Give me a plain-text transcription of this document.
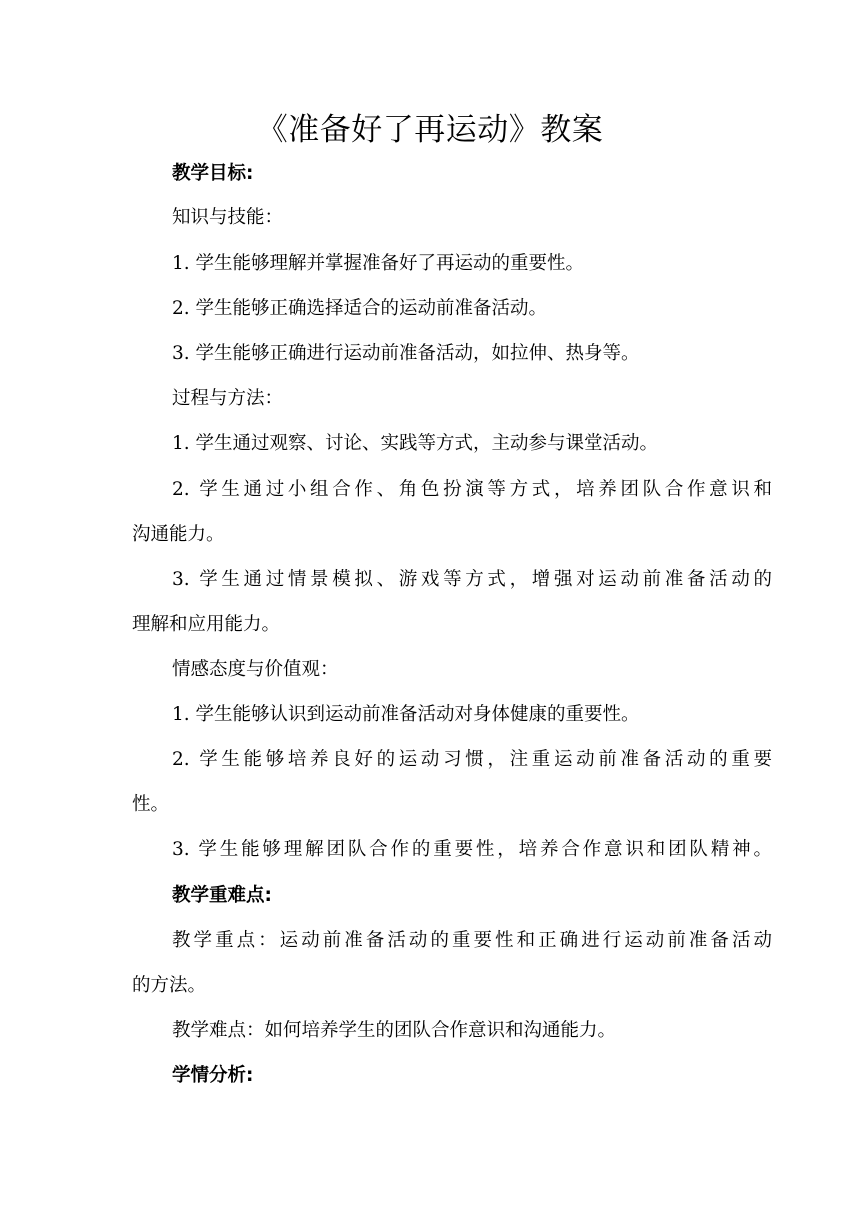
《准备好了再运动》教案
教学目标:
知识与技能：
1. 学生能够理解并掌握准备好了再运动的重要性。
2. 学生能够正确选择适合的运动前准备活动。
3. 学生能够正确进行运动前准备活动，如拉伸、热身等。
过程与方法：
1. 学生通过观察、讨论、实践等方式，主动参与课堂活动。
2. 学生通过小组合作、角色扮演等方式，培养团队合作意识和
沟通能力。
3. 学生通过情景模拟、游戏等方式，增强对运动前准备活动的
理解和应用能力。
情感态度与价值观：
1. 学生能够认识到运动前准备活动对身体健康的重要性。
2. 学生能够培养良好的运动习惯，注重运动前准备活动的重要
性。
3. 学生能够理解团队合作的重要性，培养合作意识和团队精神。
教学重难点:
教学重点：运动前准备活动的重要性和正确进行运动前准备活动
的方法。
教学难点：如何培养学生的团队合作意识和沟通能力。
学情分析:
